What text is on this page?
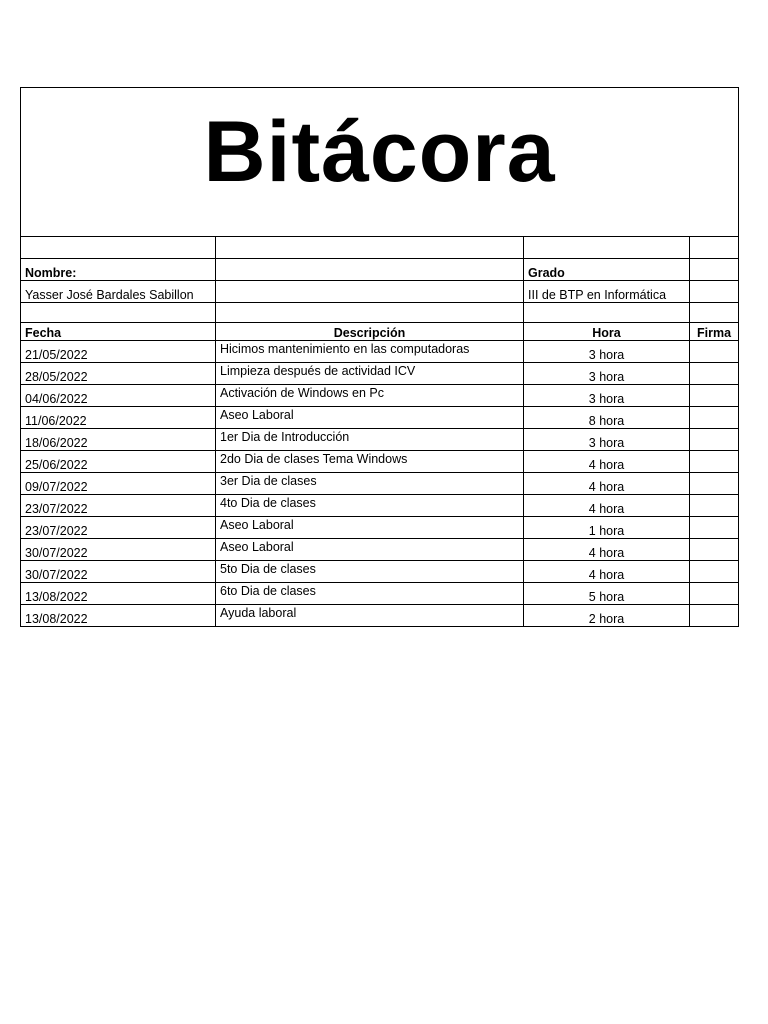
Bitácora			

Nombre:		Grado	
Yasser José Bardales Sabillon		III de BTP en Informática	

Fecha	Descripción	Hora	Firma
21/05/2022	Hicimos mantenimiento en las computadoras	3 hora	
28/05/2022	Limpieza después de actividad ICV	3 hora	
04/06/2022	Activación de Windows en Pc	3 hora	
11/06/2022	Aseo Laboral	8 hora	
18/06/2022	1er Dia de Introducción	3 hora	
25/06/2022	2do Dia de clases Tema Windows	4 hora	
09/07/2022	3er Dia de clases	4 hora	
23/07/2022	4to Dia de clases	4 hora	
23/07/2022	Aseo Laboral	1 hora	
30/07/2022	Aseo Laboral	4 hora	
30/07/2022	5to Dia de clases	4 hora	
13/08/2022	6to Dia de clases	5 hora	
13/08/2022	Ayuda laboral	2 hora	
